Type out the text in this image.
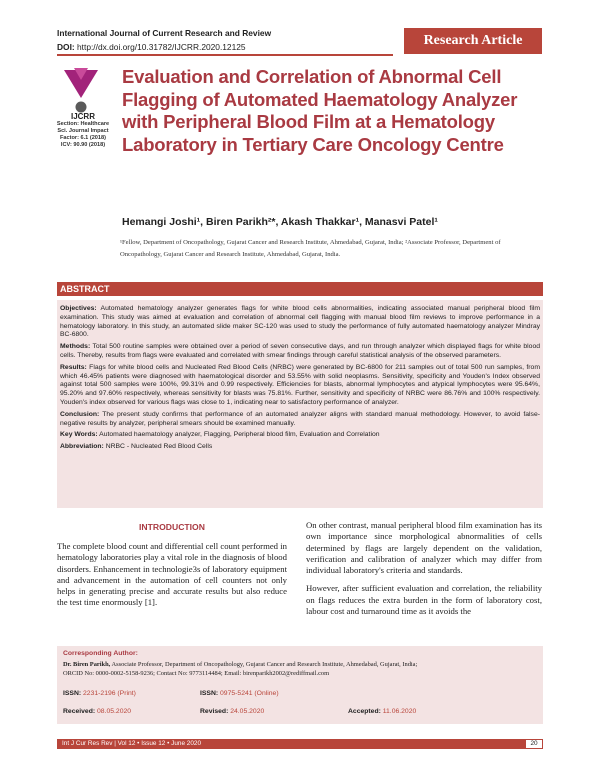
International Journal of Current Research and Review
DOI: http://dx.doi.org/10.31782/IJCRR.2020.12125	Research Article
IJCRR
Section: Healthcare
Sci. Journal Impact
Factor: 6.1 (2018)
ICV: 90.90 (2018)
Evaluation and Correlation of Abnormal Cell Flagging of Automated Haematology Analyzer with Peripheral Blood Film at a Hematology Laboratory in Tertiary Care Oncology Centre
Hemangi Joshi¹, Biren Parikh²*, Akash Thakkar¹, Manasvi Patel¹
¹Fellow, Department of Oncopathology, Gujarat Cancer and Research Institute, Ahmedabad, Gujarat, India; ²Associate Professor, Department of Oncopathology, Gujarat Cancer and Research Institute, Ahmedabad, Gujarat, India.
ABSTRACT

Objectives: Automated hematology analyzer generates flags for white blood cells abnormalities, indicating associated manual peripheral blood film examination. This study was aimed at evaluation and correlation of abnormal cell flagging with manual blood film reviews to improve performance in a hematology laboratory. In this study, an automated slide maker SC-120 was used to study the performance of fully automated haematology analyzer Mindray BC-6800.

Methods: Total 500 routine samples were obtained over a period of seven consecutive days, and run through analyzer which displayed flags for white blood cells. Thereby, results from flags were evaluated and correlated with smear findings through careful statistical analysis of the observed parameters.

Results: Flags for white blood cells and Nucleated Red Blood Cells (NRBC) were generated by BC-6800 for 211 samples out of total 500 run samples, from which 46.45% patients were diagnosed with haematological disorder and 53.55% with solid neoplasms. Sensitivity, specificity and Youden's Index observed against total 500 samples were 100%, 99.31% and 0.99 respectively. Efficiencies for blasts, abnormal lymphocytes and atypical lymphocytes were 95.64%, 95.20% and 97.60% respectively, whereas sensitivity for blasts was 75.81%. Further, sensitivity and specificity of NRBC were 86.76% and 100% respectively. Youden's index observed for various flags was close to 1, indicating near to satisfactory performance of analyzer.

Conclusion: The present study confirms that performance of an automated analyzer aligns with standard manual methodology. However, to avoid false-negative results by analyzer, peripheral smears should be examined manually.

Key Words: Automated haematology analyzer, Flagging, Peripheral blood film, Evaluation and Correlation

Abbreviation: NRBC - Nucleated Red Blood Cells

INTRODUCTION

The complete blood count and differential cell count performed in hematology laboratories play a vital role in the diagnosis of blood disorders. Enhancement in technologie3s of laboratory equipment and advancement in the automation of cell counters not only helps in generating precise and accurate results but also reduce the test time enormously [1].

On other contrast, manual peripheral blood film examination has its own importance since morphological abnormalities of cells determined by flags are largely dependent on the validation, verification and calibration of analyzer which may differ from individual laboratory's criteria and standards.

However, after sufficient evaluation and correlation, the reliability on flags reduces the extra burden in the form of laboratory cost, labour cost and turnaround time as it avoids the

Corresponding Author:
Dr. Biren Parikh, Associate Professor, Department of Oncopathology, Gujarat Cancer and Research Institute, Ahmedabad, Gujarat, India;
ORCID No: 0000-0002-5158-9236; Contact No: 9773114484; Email: birenparikh2002@rediffmail.com
ISSN: 2231-2196 (Print)	ISSN: 0975-5241 (Online)
Received: 08.05.2020	Revised: 24.05.2020	Accepted: 11.06.2020
Int J Cur Res Rev | Vol 12 • Issue 12 • June 2020	20
